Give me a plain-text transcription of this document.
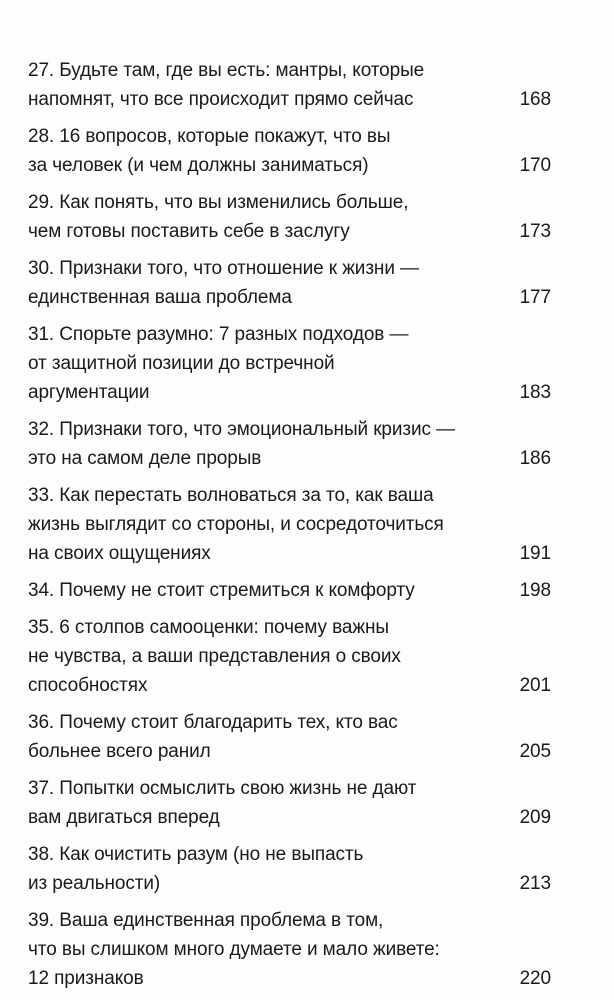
27. Будьте там, где вы есть: мантры, которые
напомнят, что все происходит прямо сейчас	168
28. 16 вопросов, которые покажут, что вы
за человек (и чем должны заниматься)	170
29. Как понять, что вы изменились больше,
чем готовы поставить себе в заслугу	173
30. Признаки того, что отношение к жизни —
единственная ваша проблема	177
31. Спорьте разумно: 7 разных подходов —
от защитной позиции до встречной
аргументации	183
32. Признаки того, что эмоциональный кризис —
это на самом деле прорыв	186
33. Как перестать волноваться за то, как ваша
жизнь выглядит со стороны, и сосредоточиться
на своих ощущениях	191
34. Почему не стоит стремиться к комфорту	198
35. 6 столпов самооценки: почему важны
не чувства, а ваши представления о своих
способностях	201
36. Почему стоит благодарить тех, кто вас
больнее всего ранил	205
37. Попытки осмыслить свою жизнь не дают
вам двигаться вперед	209
38. Как очистить разум (но не выпасть
из реальности)	213
39. Ваша единственная проблема в том,
что вы слишком много думаете и мало живете:
12 признаков	220
